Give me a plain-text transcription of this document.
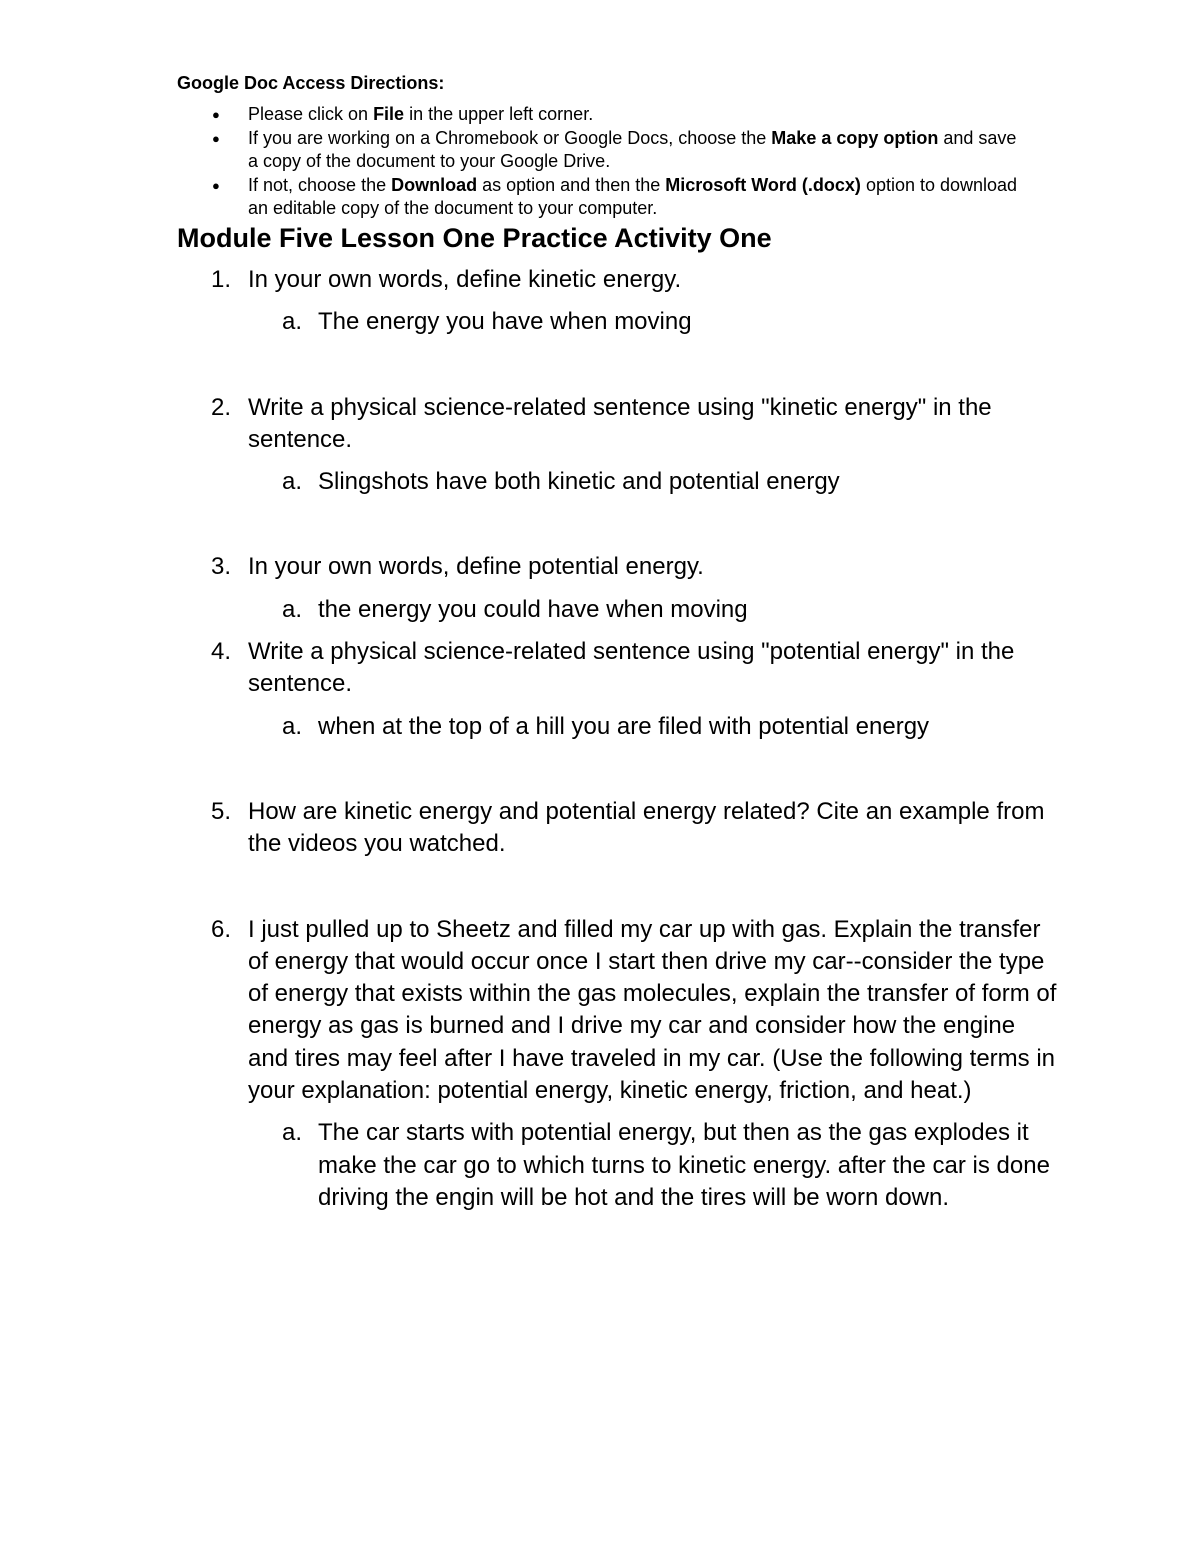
Google Doc Access Directions:
● Please click on File in the upper left corner.
● If you are working on a Chromebook or Google Docs, choose the Make a copy option and save a copy of the document to your Google Drive.
● If not, choose the Download as option and then the Microsoft Word (.docx) option to download an editable copy of the document to your computer.
Module Five Lesson One Practice Activity One
1. In your own words, define kinetic energy.
a. The energy you have when moving
2. Write a physical science-related sentence using "kinetic energy" in the sentence.
a. Slingshots have both kinetic and potential energy
3. In your own words, define potential energy.
a. the energy you could have when moving
4. Write a physical science-related sentence using "potential energy" in the sentence.
a. when at the top of a hill you are filed with potential energy
5. How are kinetic energy and potential energy related? Cite an example from the videos you watched.
6. I just pulled up to Sheetz and filled my car up with gas. Explain the transfer of energy that would occur once I start then drive my car--consider the type of energy that exists within the gas molecules, explain the transfer of form of energy as gas is burned and I drive my car and consider how the engine and tires may feel after I have traveled in my car. (Use the following terms in your explanation: potential energy, kinetic energy, friction, and heat.)
a. The car starts with potential energy, but then as the gas explodes it make the car go to which turns to kinetic energy. after the car is done driving the engin will be hot and the tires will be worn down.
